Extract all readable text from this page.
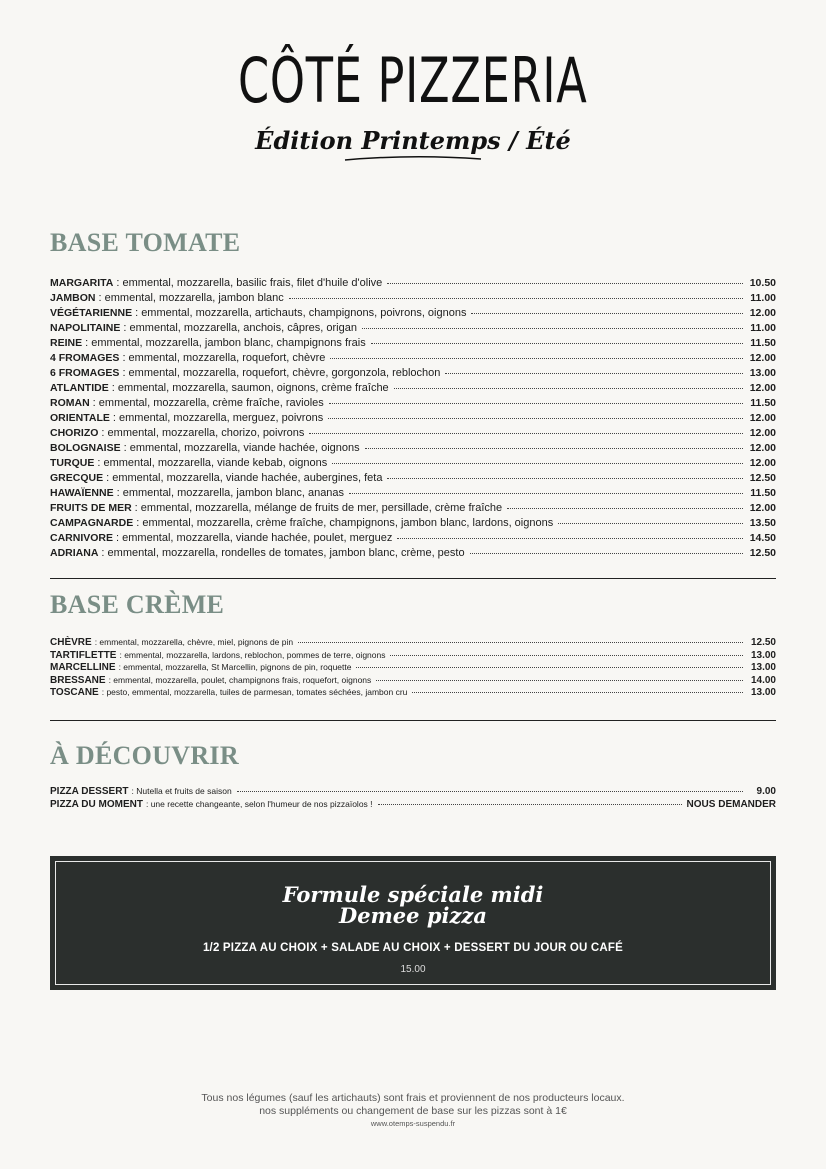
CÔTÉ PIZZERIA
Édition Printemps / Été
BASE TOMATE
MARGARITA : emmental, mozzarella, basilic frais, filet d'huile d'olive	10.50
JAMBON : emmental, mozzarella, jambon blanc	11.00
VÉGÉTARIENNE : emmental, mozzarella, artichauts, champignons, poivrons, oignons	12.00
NAPOLITAINE : emmental, mozzarella, anchois, câpres, origan	11.00
REINE : emmental, mozzarella, jambon blanc, champignons frais	11.50
4 FROMAGES : emmental, mozzarella, roquefort, chèvre	12.00
6 FROMAGES : emmental, mozzarella, roquefort, chèvre, gorgonzola, reblochon	13.00
ATLANTIDE : emmental, mozzarella, saumon, oignons, crème fraîche	12.00
ROMAN : emmental, mozzarella, crème fraîche, ravioles	11.50
ORIENTALE : emmental, mozzarella, merguez, poivrons	12.00
CHORIZO : emmental, mozzarella, chorizo, poivrons	12.00
BOLOGNAISE : emmental, mozzarella, viande hachée, oignons	12.00
TURQUE : emmental, mozzarella, viande kebab, oignons	12.00
GRECQUE : emmental, mozzarella, viande hachée, aubergines, feta	12.50
HAWAÏENNE : emmental, mozzarella, jambon blanc, ananas	11.50
FRUITS DE MER : emmental, mozzarella, mélange de fruits de mer, persillade, crème fraîche	12.00
CAMPAGNARDE : emmental, mozzarella, crème fraîche, champignons, jambon blanc, lardons, oignons	13.50
CARNIVORE : emmental, mozzarella, viande hachée, poulet, merguez	14.50
ADRIANA : emmental, mozzarella, rondelles de tomates, jambon blanc, crème, pesto	12.50
BASE CRÈME
CHÈVRE : emmental, mozzarella, chèvre, miel, pignons de pin	12.50
TARTIFLETTE : emmental, mozzarella, lardons, reblochon, pommes de terre, oignons	13.00
MARCELLINE : emmental, mozzarella, St Marcellin, pignons de pin, roquette	13.00
BRESSANE : emmental, mozzarella, poulet, champignons frais, roquefort, oignons	14.00
TOSCANE : pesto, emmental, mozzarella, tuiles de parmesan, tomates séchées, jambon cru	13.00
À DÉCOUVRIR
PIZZA DESSERT : Nutella et fruits de saison	9.00
PIZZA DU MOMENT : une recette changeante, selon l'humeur de nos pizzaïolos !	NOUS DEMANDER
Formule spéciale midi
Demee pizza
1/2 PIZZA AU CHOIX + SALADE AU CHOIX + DESSERT DU JOUR OU CAFÉ
15.00
Tous nos légumes (sauf les artichauts) sont frais et proviennent de nos producteurs locaux.
nos suppléments ou changement de base sur les pizzas sont à 1€
www.otemps-suspendu.fr
